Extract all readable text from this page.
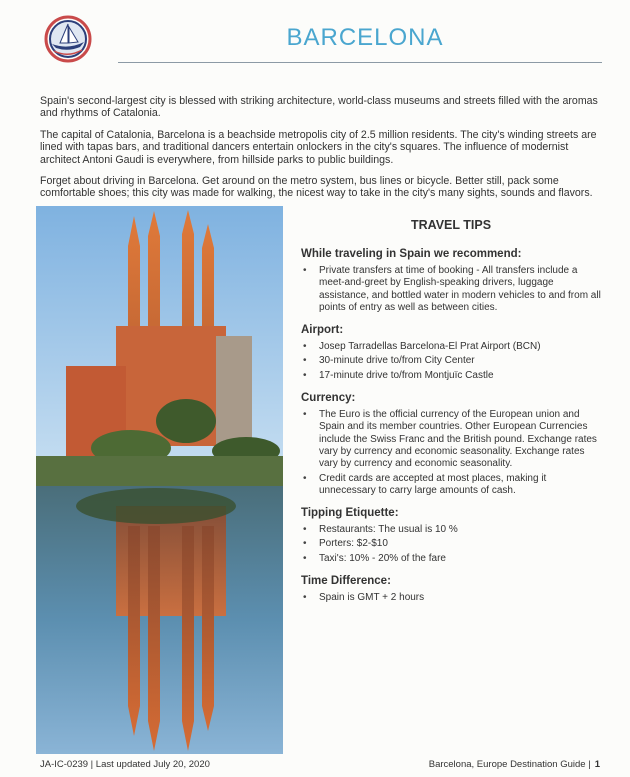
BARCELONA

Spain's second-largest city is blessed with striking architecture, world-class museums and streets filled with the aromas and rhythms of Catalonia.

The capital of Catalonia, Barcelona is a beachside metropolis city of 2.5 million residents. The city's winding streets are lined with tapas bars, and traditional dancers entertain onlockers in the city's squares. The influence of modernist architect Antoni Gaudi is everywhere, from hillside parks to public buildings.

Forget about driving in Barcelona. Get around on the metro system, bus lines or bicycle. Better still, pack some comfortable shoes; this city was made for walking, the nicest way to take in the city's many sights, sounds and flavors.

TRAVEL TIPS
While traveling in Spain we recommend:
• Private transfers at time of booking - All transfers include a meet-and-greet by English-speaking drivers, luggage assistance, and bottled water in modern vehicles to and from all points of entry as well as between cities.
Airport:
• Josep Tarradellas Barcelona-El Prat Airport (BCN)
• 30-minute drive to/from City Center
• 17-minute drive to/from Montjuïc Castle
Currency:
• The Euro is the official currency of the European union and Spain and its member countries. Other European Currencies include the Swiss Franc and the British pound. Exchange rates vary by currency and economic seasonality. Exchange rates vary by currency and economic seasonality.
• Credit cards are accepted at most places, making it unnecessary to carry large amounts of cash.
Tipping Etiquette:
• Restaurants: The usual is 10 %
• Porters: $2-$10
• Taxi's: 10% - 20% of the fare
Time Difference:
• Spain is GMT + 2 hours
JA-IC-0239 | Last updated July 20, 2020	Barcelona, Europe Destination Guide | 1
